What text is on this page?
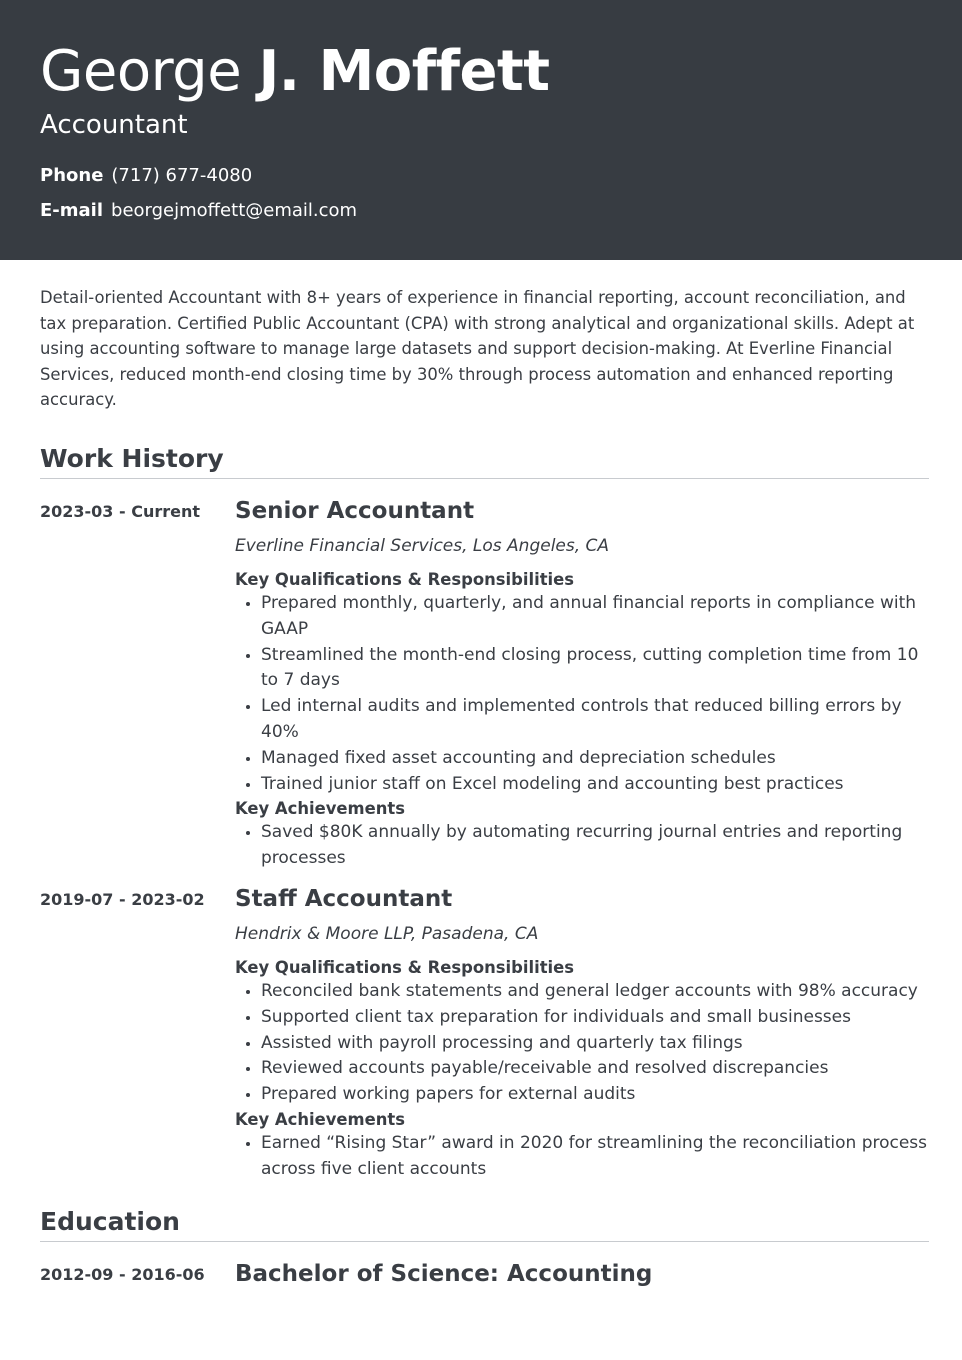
George J. Moffett
Accountant
Phone (717) 677-4080
E-mail beorgejmoffett@email.com

Detail-oriented Accountant with 8+ years of experience in financial reporting, account reconciliation, and tax preparation. Certified Public Accountant (CPA) with strong analytical and organizational skills. Adept at using accounting software to manage large datasets and support decision-making. At Everline Financial Services, reduced month-end closing time by 30% through process automation and enhanced reporting accuracy.

Work History
2023-03 - Current	Senior Accountant
Everline Financial Services, Los Angeles, CA
Key Qualifications & Responsibilities
• Prepared monthly, quarterly, and annual financial reports in compliance with GAAP
• Streamlined the month-end closing process, cutting completion time from 10 to 7 days
• Led internal audits and implemented controls that reduced billing errors by 40%
• Managed fixed asset accounting and depreciation schedules
• Trained junior staff on Excel modeling and accounting best practices
Key Achievements
• Saved $80K annually by automating recurring journal entries and reporting processes
2019-07 - 2023-02	Staff Accountant
Hendrix & Moore LLP, Pasadena, CA
Key Qualifications & Responsibilities
• Reconciled bank statements and general ledger accounts with 98% accuracy
• Supported client tax preparation for individuals and small businesses
• Assisted with payroll processing and quarterly tax filings
• Reviewed accounts payable/receivable and resolved discrepancies
• Prepared working papers for external audits
Key Achievements
• Earned “Rising Star” award in 2020 for streamlining the reconciliation process across five client accounts
Education
2012-09 - 2016-06	Bachelor of Science: Accounting
